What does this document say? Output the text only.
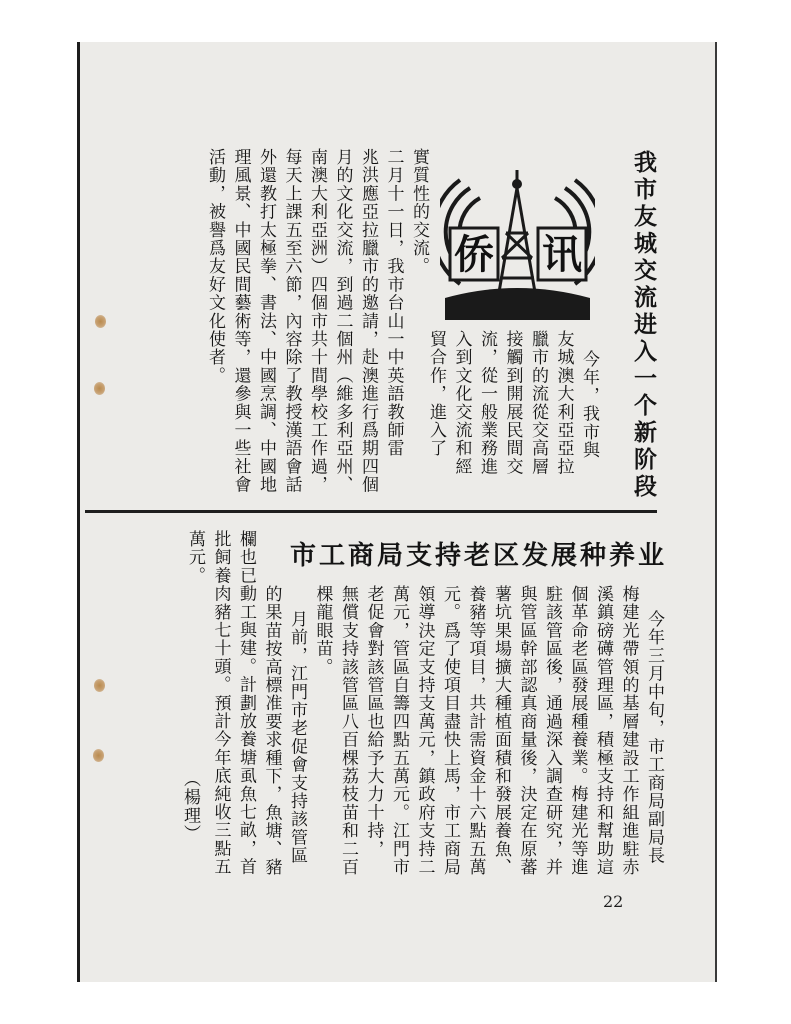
我市友城交流进入一个新阶段
侨 讯
今年，我市與
友城澳大利亞亞拉
臘市的流從交高層
接觸到開展民間交
流，從一般業務進
入到文化交流和經
貿合作，進入了
實質性的交流。
二月十一日，我市台山一中英語教師雷
兆洪應亞拉臘市的邀請，赴澳進行爲期四個
月的文化交流，到過二個州（維多利亞州、
南澳大利亞洲）四個市共十間學校工作過，
每天上課五至六節，內容除了教授漢語會話
外還教打太極拳、書法、中國烹調、中國地
理風景、中國民間藝術等，還參與一些社會
活動，被譽爲友好文化使者。
市工商局支持老区发展种养业
今年三月中旬，市工商局副局長
梅建光帶領的基層建設工作組進駐赤
溪鎮磅礡管理區，積極支持和幫助這
個革命老區發展種養業。梅建光等進
駐該管區後，通過深入調查研究，并
與管區幹部認真商量後，決定在原蕃
薯坑果場擴大種植面積和發展養魚、
養豬等項目，共計需資金十六點五萬
元。爲了使項目盡快上馬，市工商局
領導決定支持支萬元，鎮政府支持二
萬元，管區自籌四點五萬元。江門市
老促會對該管區也給予大力十持，
無償支持該管區八百棵荔枝苗和二百
棵龍眼苗。
月前，江門市老促會支持該管區
的果苗按高標准要求種下，魚塘、豬
欄也已動工與建。計劃放養塘虱魚七畝，首
批飼養肉豬七十頭。預計今年底純收三點五
萬元。
（楊理）
22
